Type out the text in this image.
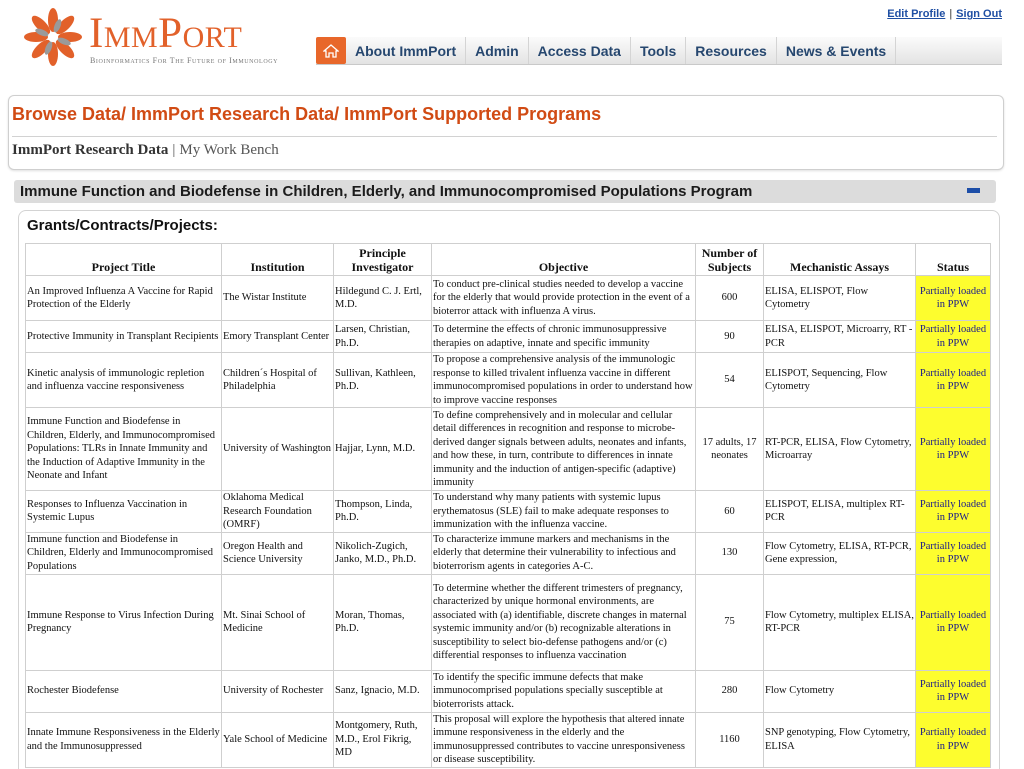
ImmPort
Bioinformatics For The Future of Immunology
Edit Profile | Sign Out
About ImmPort	Admin	Access Data	Tools	Resources	News & Events
Browse Data/ ImmPort Research Data/ ImmPort Supported Programs
ImmPort Research Data | My Work Bench
Immune Function and Biodefense in Children, Elderly, and Immunocompromised Populations Program
Grants/Contracts/Projects:
Project Title	Institution	Principle Investigator	Objective	Number of Subjects	Mechanistic Assays	Status
An Improved Influenza A Vaccine for Rapid Protection of the Elderly	The Wistar Institute	Hildegund C. J. Ertl, M.D.	To conduct pre-clinical studies needed to develop a vaccine for the elderly that would provide protection in the event of a bioterror attack with influenza A virus.	600	ELISA, ELISPOT, Flow Cytometry	Partially loaded in PPW
Protective Immunity in Transplant Recipients	Emory Transplant Center	Larsen, Christian, Ph.D.	To determine the effects of chronic immunosuppressive therapies on adaptive, innate and specific immunity	90	ELISA, ELISPOT, Microarry, RT - PCR	Partially loaded in PPW
Kinetic analysis of immunologic repletion and influenza vaccine responsiveness	Children´s Hospital of Philadelphia	Sullivan, Kathleen, Ph.D.	To propose a comprehensive analysis of the immunologic response to killed trivalent influenza vaccine in different immunocompromised populations in order to understand how to improve vaccine responses	54	ELISPOT, Sequencing, Flow Cytometry	Partially loaded in PPW
Immune Function and Biodefense in Children, Elderly, and Immunocompromised Populations: TLRs in Innate Immunity and the Induction of Adaptive Immunity in the Neonate and Infant	University of Washington	Hajjar, Lynn, M.D.	To define comprehensively and in molecular and cellular detail differences in recognition and response to microbe-derived danger signals between adults, neonates and infants, and how these, in turn, contribute to differences in innate immunity and the induction of antigen-specific (adaptive) immunity	17 adults, 17 neonates	RT-PCR, ELISA, Flow Cytometry, Microarray	Partially loaded in PPW
Responses to Influenza Vaccination in Systemic Lupus	Oklahoma Medical Research Foundation (OMRF)	Thompson, Linda, Ph.D.	To understand why many patients with systemic lupus erythematosus (SLE) fail to make adequate responses to immunization with the influenza vaccine.	60	ELISPOT, ELISA, multiplex RT-PCR	Partially loaded in PPW
Immune function and Biodefense in Children, Elderly and Immunocompromised Populations	Oregon Health and Science University	Nikolich-Zugich, Janko, M.D., Ph.D.	To characterize immune markers and mechanisms in the elderly that determine their vulnerability to infectious and bioterrorism agents in categories A-C.	130	Flow Cytometry, ELISA, RT-PCR, Gene expression,	Partially loaded in PPW
Immune Response to Virus Infection During Pregnancy	Mt. Sinai School of Medicine	Moran, Thomas, Ph.D.	To determine whether the different trimesters of pregnancy, characterized by unique hormonal environments, are associated with (a) identifiable, discrete changes in maternal systemic immunity and/or (b) recognizable alterations in susceptibility to select bio-defense pathogens and/or (c) differential responses to influenza vaccination	75	Flow Cytometry, multiplex ELISA, RT-PCR	Partially loaded in PPW
Rochester Biodefense	University of Rochester	Sanz, Ignacio, M.D.	To identify the specific immune defects that make immunocomprised populations specially susceptible at bioterrorists attack.	280	Flow Cytometry	Partially loaded in PPW
Innate Immune Responsiveness in the Elderly and the Immunosuppressed	Yale School of Medicine	Montgomery, Ruth, M.D., Erol Fikrig, MD	This proposal will explore the hypothesis that altered innate immune responsiveness in the elderly and the immunosuppressed contributes to vaccine unresponsiveness or disease susceptibility.	1160	SNP genotyping, Flow Cytometry, ELISA	Partially loaded in PPW
